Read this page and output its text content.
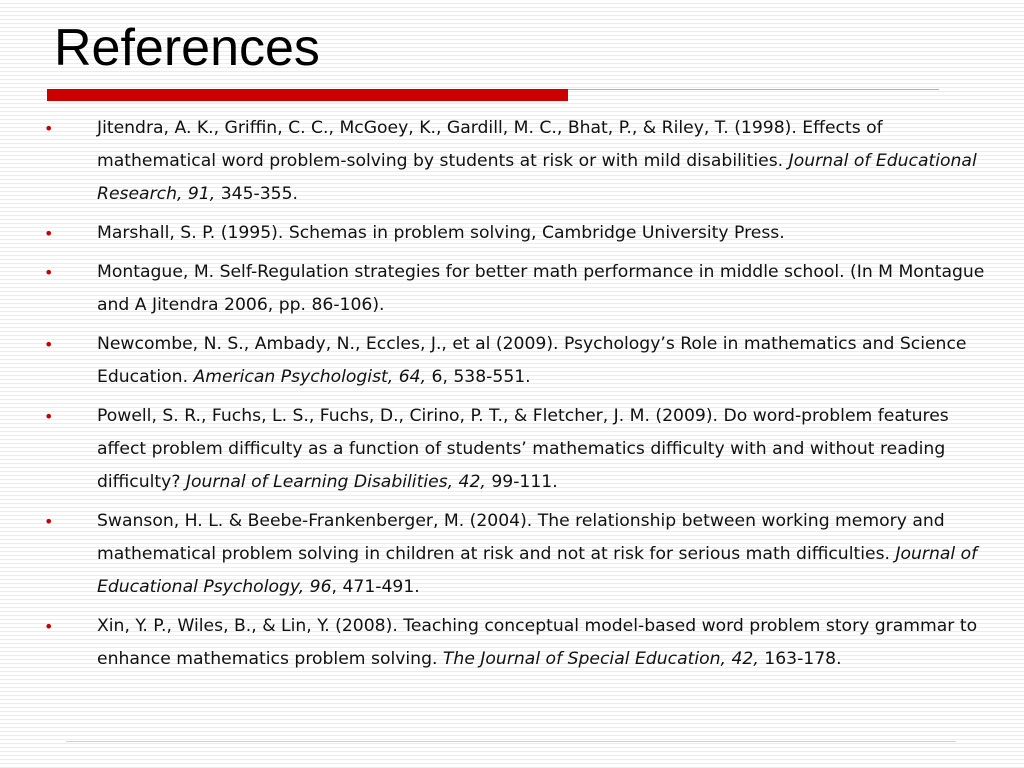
References
•	Jitendra, A. K., Griffin, C. C., McGoey, K., Gardill, M. C., Bhat, P., & Riley, T. (1998). Effects of mathematical word problem-solving by students at risk or with mild disabilities. Journal of Educational Research, 91, 345-355.
•	Marshall, S. P. (1995). Schemas in problem solving, Cambridge University Press.
•	Montague, M. Self-Regulation strategies for better math performance in middle school. (In M Montague and A Jitendra 2006, pp. 86-106).
•	Newcombe, N. S., Ambady, N., Eccles, J., et al (2009). Psychology’s Role in mathematics and Science Education. American Psychologist, 64, 6, 538-551.
•	Powell, S. R., Fuchs, L. S., Fuchs, D., Cirino, P. T., & Fletcher, J. M. (2009). Do word-problem features affect problem difficulty as a function of students’ mathematics difficulty with and without reading difficulty? Journal of Learning Disabilities, 42, 99-111.
•	Swanson, H. L. & Beebe-Frankenberger, M. (2004). The relationship between working memory and mathematical problem solving in children at risk and not at risk for serious math difficulties. Journal of Educational Psychology, 96, 471-491.
•	Xin, Y. P., Wiles, B., & Lin, Y. (2008). Teaching conceptual model-based word problem story grammar to enhance mathematics problem solving. The Journal of Special Education, 42, 163-178.
